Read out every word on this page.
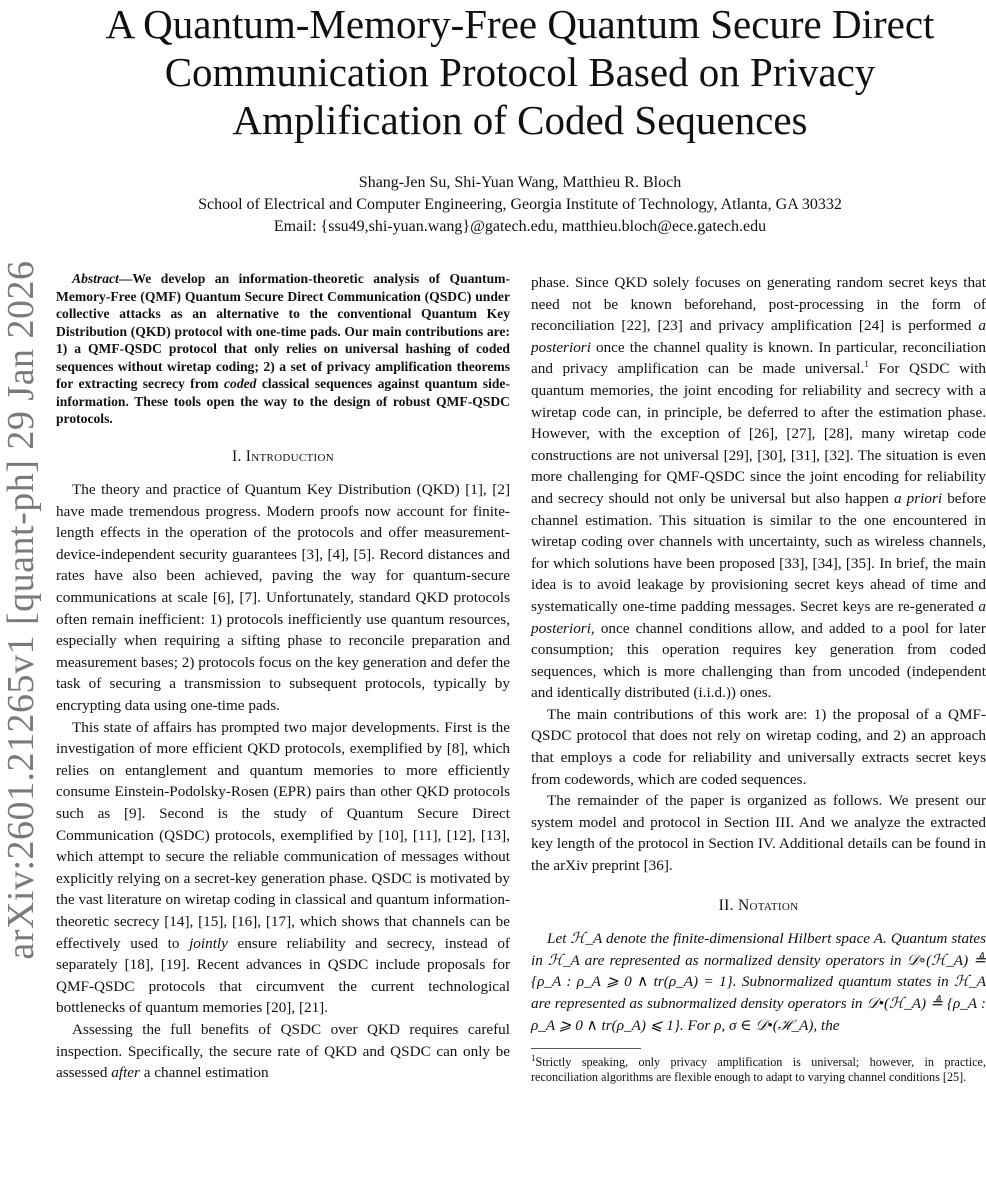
arXiv:2601.21265v1 [quant-ph] 29 Jan 2026
A Quantum-Memory-Free Quantum Secure Direct
Communication Protocol Based on Privacy
Amplification of Coded Sequences
Shang-Jen Su, Shi-Yuan Wang, Matthieu R. Bloch
School of Electrical and Computer Engineering, Georgia Institute of Technology, Atlanta, GA 30332
Email: {ssu49,shi-yuan.wang}@gatech.edu, matthieu.bloch@ece.gatech.edu

Abstract—We develop an information-theoretic analysis of Quantum-Memory-Free (QMF) Quantum Secure Direct Communication (QSDC) under collective attacks as an alternative to the conventional Quantum Key Distribution (QKD) protocol with one-time pads. Our main contributions are: 1) a QMF-QSDC protocol that only relies on universal hashing of coded sequences without wiretap coding; 2) a set of privacy amplification theorems for extracting secrecy from coded classical sequences against quantum side-information. These tools open the way to the design of robust QMF-QSDC protocols.

I. Introduction

The theory and practice of Quantum Key Distribution (QKD) [1], [2] have made tremendous progress. Modern proofs now account for finite-length effects in the operation of the protocols and offer measurement-device-independent security guarantees [3], [4], [5]. Record distances and rates have also been achieved, paving the way for quantum-secure communications at scale [6], [7]. Unfortunately, standard QKD protocols often remain inefficient: 1) protocols inefficiently use quantum resources, especially when requiring a sifting phase to reconcile preparation and measurement bases; 2) protocols focus on the key generation and defer the task of securing a transmission to subsequent protocols, typically by encrypting data using one-time pads.

This state of affairs has prompted two major developments. First is the investigation of more efficient QKD protocols, exemplified by [8], which relies on entanglement and quantum memories to more efficiently consume Einstein-Podolsky-Rosen (EPR) pairs than other QKD protocols such as [9]. Second is the study of Quantum Secure Direct Communication (QSDC) protocols, exemplified by [10], [11], [12], [13], which attempt to secure the reliable communication of messages without explicitly relying on a secret-key generation phase. QSDC is motivated by the vast literature on wiretap coding in classical and quantum information-theoretic secrecy [14], [15], [16], [17], which shows that channels can be effectively used to jointly ensure reliability and secrecy, instead of separately [18], [19]. Recent advances in QSDC include proposals for QMF-QSDC protocols that circumvent the current technological bottlenecks of quantum memories [20], [21].

Assessing the full benefits of QSDC over QKD requires careful inspection. Specifically, the secure rate of QKD and QSDC can only be assessed after a channel estimation

phase. Since QKD solely focuses on generating random secret keys that need not be known beforehand, post-processing in the form of reconciliation [22], [23] and privacy amplification [24] is performed a posteriori once the channel quality is known. In particular, reconciliation and privacy amplification can be made universal.$^1$ For QSDC with quantum memories, the joint encoding for reliability and secrecy with a wiretap code can, in principle, be deferred to after the estimation phase. However, with the exception of [26], [27], [28], many wiretap code constructions are not universal [29], [30], [31], [32]. The situation is even more challenging for QMF-QSDC since the joint encoding for reliability and secrecy should not only be universal but also happen a priori before channel estimation. This situation is similar to the one encountered in wiretap coding over channels with uncertainty, such as wireless channels, for which solutions have been proposed [33], [34], [35]. In brief, the main idea is to avoid leakage by provisioning secret keys ahead of time and systematically one-time padding messages. Secret keys are re-generated a posteriori, once channel conditions allow, and added to a pool for later consumption; this operation requires key generation from coded sequences, which is more challenging than from uncoded (independent and identically distributed (i.i.d.)) ones.

The main contributions of this work are: 1) the proposal of a QMF-QSDC protocol that does not rely on wiretap coding, and 2) an approach that employs a code for reliability and universally extracts secret keys from codewords, which are coded sequences.

The remainder of the paper is organized as follows. We present our system model and protocol in Section III. And we analyze the extracted key length of the protocol in Section IV. Additional details can be found in the arXiv preprint [36].

II. Notation

Let ℋ_A denote the finite-dimensional Hilbert space A. Quantum states in ℋ_A are represented as normalized density operators in 𝒟∘(ℋ_A) ≜ {ρ_A : ρ_A ⩾ 0 ∧ tr(ρ_A) = 1}. Subnormalized quantum states in ℋ_A are represented as subnormalized density operators in 𝒟•(ℋ_A) ≜ {ρ_A : ρ_A ⩾ 0 ∧ tr(ρ_A) ⩽ 1}. For ρ, σ ∈ 𝒟•(ℋ_A), the

$^1$Strictly speaking, only privacy amplification is universal; however, in practice, reconciliation algorithms are flexible enough to adapt to varying channel conditions [25].
